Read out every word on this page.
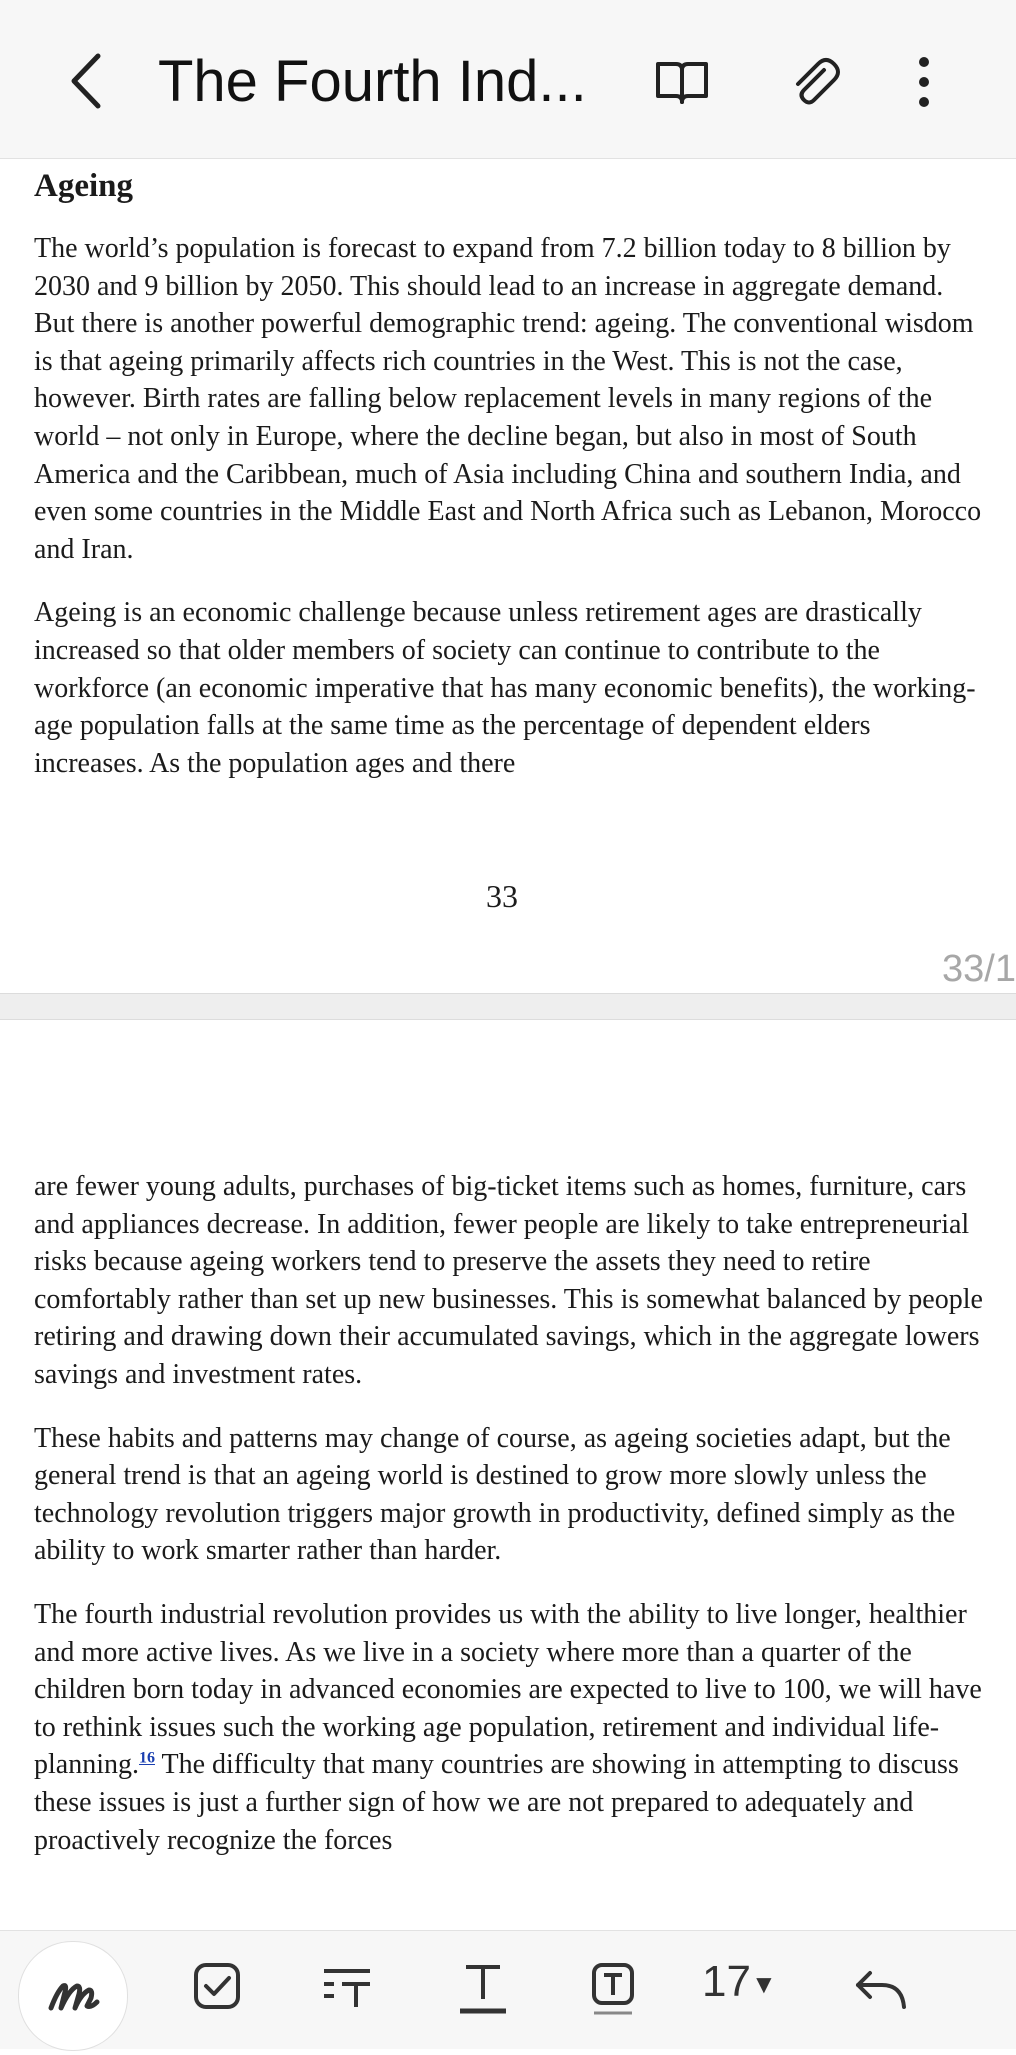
The Fourth Ind...
Ageing

The world’s population is forecast to expand from 7.2 billion today to 8 billion by 2030 and 9 billion by 2050. This should lead to an increase in aggregate demand. But there is another powerful demographic trend: ageing. The conventional wisdom is that ageing primarily affects rich countries in the West. This is not the case, however. Birth rates are falling below replacement levels in many regions of the world – not only in Europe, where the decline began, but also in most of South America and the Caribbean, much of Asia including China and southern India, and even some countries in the Middle East and North Africa such as Lebanon, Morocco and Iran.

Ageing is an economic challenge because unless retirement ages are drastically increased so that older members of society can continue to contribute to the workforce (an economic imperative that has many economic benefits), the working-age population falls at the same time as the percentage of dependent elders increases. As the population ages and there

33
33/1

are fewer young adults, purchases of big-ticket items such as homes, furniture, cars and appliances decrease. In addition, fewer people are likely to take entrepreneurial risks because ageing workers tend to preserve the assets they need to retire comfortably rather than set up new businesses. This is somewhat balanced by people retiring and drawing down their accumulated savings, which in the aggregate lowers savings and investment rates.

These habits and patterns may change of course, as ageing societies adapt, but the general trend is that an ageing world is destined to grow more slowly unless the technology revolution triggers major growth in productivity, defined simply as the ability to work smarter rather than harder.

The fourth industrial revolution provides us with the ability to live longer, healthier and more active lives. As we live in a society where more than a quarter of the children born today in advanced economies are expected to live to 100, we will have to rethink issues such the working age population, retirement and individual life-planning.$^{16}$ The difficulty that many countries are showing in attempting to discuss these issues is just a further sign of how we are not prepared to adequately and proactively recognize the forces

17▼
